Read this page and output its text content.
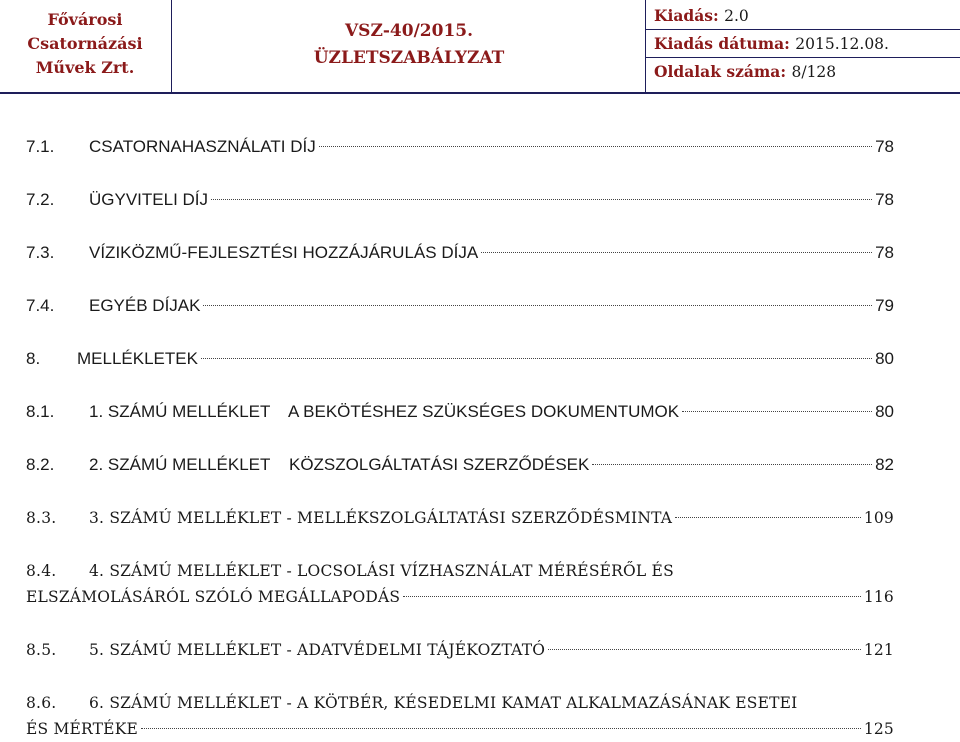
Fővárosi
Csatornázási
Művek Zrt.
VSZ-40/2015.
ÜZLETSZABÁLYZAT
Kiadás: 2.0
Kiadás dátuma: 2015.12.08.
Oldalak száma: 8/128
7.1.	CSATORNAHASZNÁLATI DÍJ	78
7.2.	ÜGYVITELI DÍJ	78
7.3.	VÍZIKÖZMŰ-FEJLESZTÉSI HOZZÁJÁRULÁS DÍJA	78
7.4.	EGYÉB DÍJAK	79
8.	MELLÉKLETEK	80
8.1.	1. SZÁMÚ MELLÉKLET    A BEKÖTÉSHEZ SZÜKSÉGES DOKUMENTUMOK	80
8.2.	2. SZÁMÚ MELLÉKLET    KÖZSZOLGÁLTATÁSI SZERZŐDÉSEK	82
8.3.	3. SZÁMÚ MELLÉKLET - MELLÉKSZOLGÁLTATÁSI SZERZŐDÉSMINTA	109
8.4.	4. SZÁMÚ MELLÉKLET - LOCSOLÁSI VÍZHASZNÁLAT MÉRÉSÉRŐL ÉS
ELSZÁMOLÁSÁRÓL SZÓLÓ MEGÁLLAPODÁS	116
8.5.	5. SZÁMÚ MELLÉKLET - ADATVÉDELMI TÁJÉKOZTATÓ	121
8.6.	6. SZÁMÚ MELLÉKLET - A KÖTBÉR, KÉSEDELMI KAMAT ALKALMAZÁSÁNAK ESETEI
ÉS MÉRTÉKE	125
